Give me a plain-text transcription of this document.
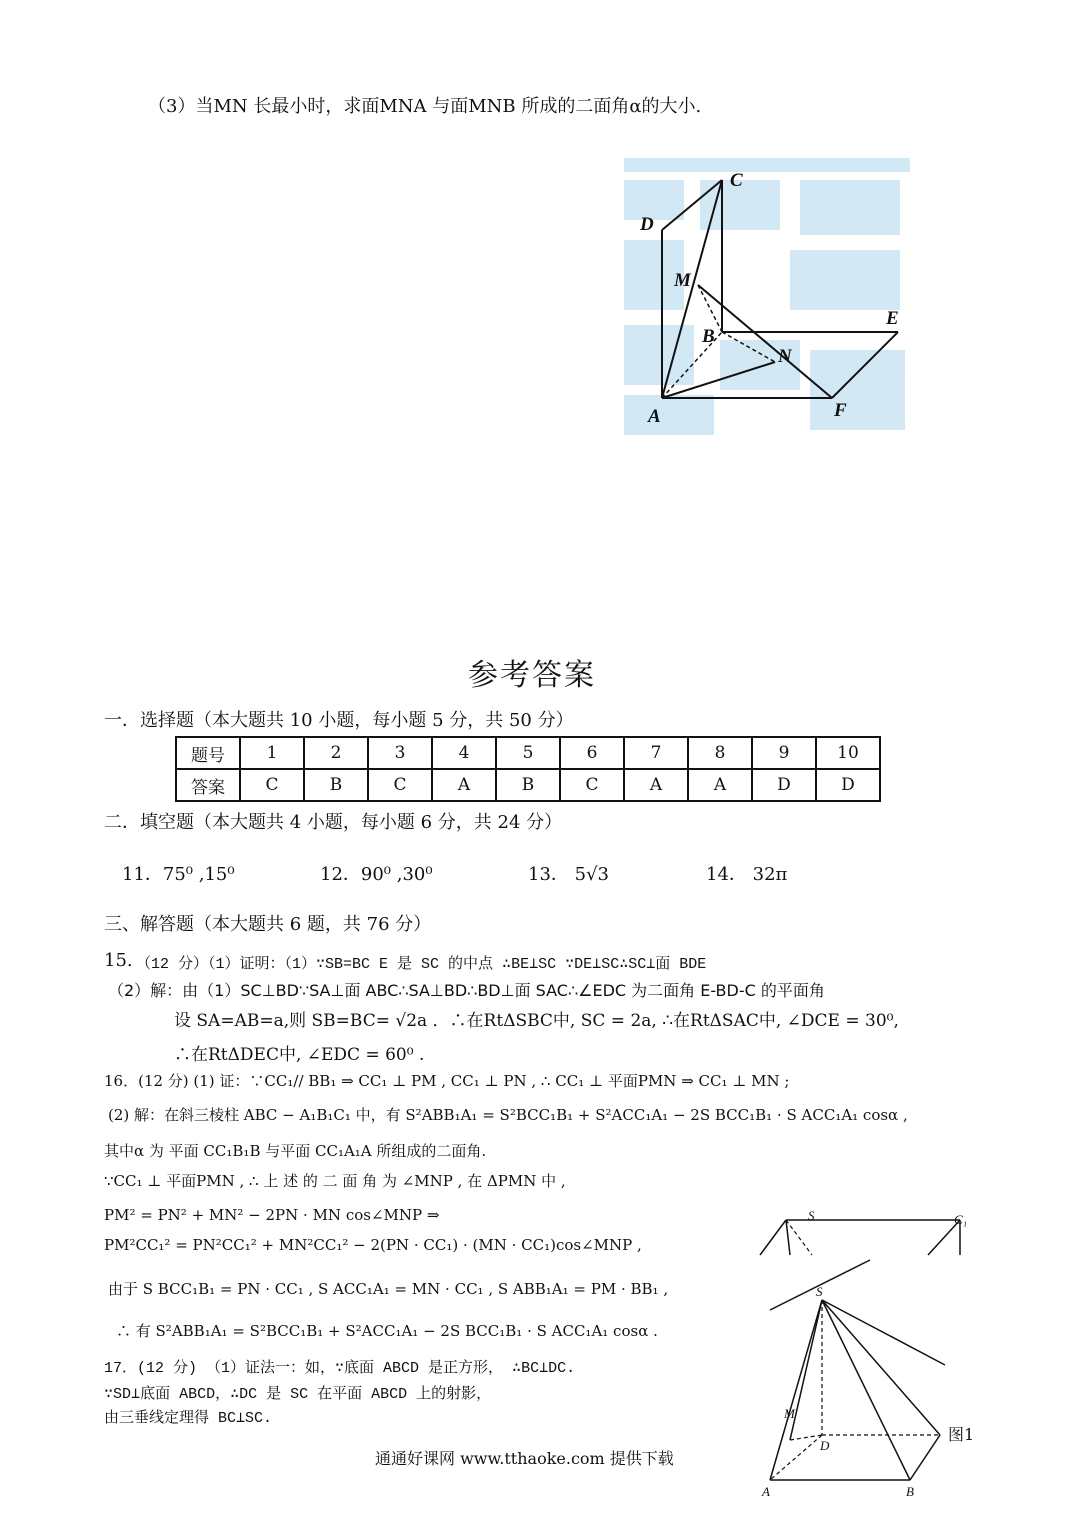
（3）当MN 长最小时，求面MNA 与面MNB 所成的二面角α的大小.
C
D
M
B
E
N
A	F
参考答案
一．选择题（本大题共 10 小题，每小题 5 分，共 50 分）
题号	1	2	3	4	5	6	7	8	9	10
答案	C	B	C	A	B	C	A	A	D	D
二．填空题（本大题共 4 小题，每小题 6 分，共 24 分）
11．75⁰ ,15⁰	12．90⁰ ,30⁰	13． 5√3	14． 32π
三、解答题（本大题共 6 题，共 76 分）
15. （12 分）（1）证明：（1）∵SB=BC E 是 SC 的中点 ∴BE⊥SC ∵DE⊥SC∴SC⊥面 BDE
（2）解：由（1）SC⊥BD∵SA⊥面 ABC∴SA⊥BD∴BD⊥面 SAC∴∠EDC 为二面角 E-BD-C 的平面角
设 SA=AB=a,则 SB=BC= √2a ．∴在RtΔSBC中, SC = 2a, ∴在RtΔSAC中, ∠DCE = 30⁰,
∴在RtΔDEC中, ∠EDC = 60⁰ .
16．(12 分) (1) 证：∵CC₁// BB₁ ⇒ CC₁ ⊥ PM , CC₁ ⊥ PN , ∴ CC₁ ⊥ 平面PMN ⇒ CC₁ ⊥ MN ;
(2) 解：在斜三棱柱 ABC − A₁B₁C₁ 中，有 S²ABB₁A₁ = S²BCC₁B₁ + S²ACC₁A₁ − 2S BCC₁B₁ · S ACC₁A₁ cosα ,
其中α 为 平面 CC₁B₁B 与平面 CC₁A₁A 所组成的二面角.
∵CC₁ ⊥ 平面PMN , ∴ 上 述 的 二 面 角 为 ∠MNP , 在 ΔPMN 中 ,
PM² = PN² + MN² − 2PN · MN cos∠MNP ⇒
PM²CC₁² = PN²CC₁² + MN²CC₁² − 2(PN · CC₁) · (MN · CC₁)cos∠MNP ,
由于 S BCC₁B₁ = PN · CC₁ , S ACC₁A₁ = MN · CC₁ , S ABB₁A₁ = PM · BB₁ ,
∴ 有 S²ABB₁A₁ = S²BCC₁B₁ + S²ACC₁A₁ − 2S BCC₁B₁ · S ACC₁A₁ cosα .
17．(12 分) （1）证法一：如，∵底面 ABCD 是正方形， ∴BC⊥DC.
∵SD⊥底面 ABCD，∴DC 是 SC 在平面 ABCD 上的射影，
由三垂线定理得 BC⊥SC.
S	C₁
S
M
D
A	B
图1
通通好课网 www.tthaoke.com 提供下载
